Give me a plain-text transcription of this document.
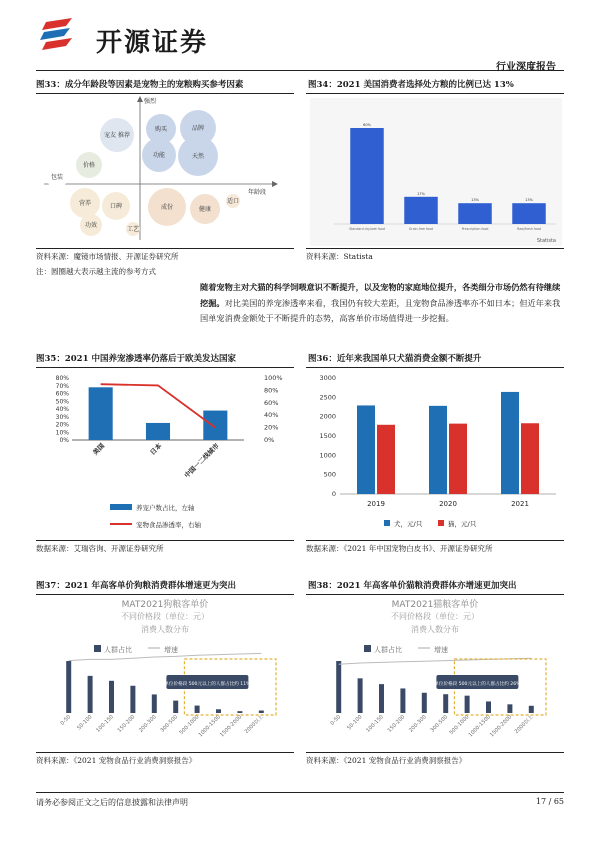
开源证券
行业深度报告
图33：成分年龄段等因素是宠物主的宠粮购买参考因素
强烈
年龄段
购买	品牌
天然
宠友 推荐
功能
价格
成份	健康
适口
营养	口碑
功效
工艺
包装
资料来源：魔镜市场情报、开源证券研究所
注：圆圈越大表示越主流的参考方式
图34：2021 美国消费者选择处方粮的比例已达 13%
60%
Standard dry/wet food
17%
Grain-free food
13%
Prescription food
13%
Raw/fresh food
Statista
资料来源：Statista
随着宠物主对犬猫的科学饲喂意识不断提升，以及宠物的家庭地位提升，各类细分市场仍然有待继续挖掘。对比美国的养宠渗透率来看，我国仍有较大差距，且宠物食品渗透率亦不如日本；但近年来我国单宠消费金额处于不断提升的态势，高客单价市场值得进一步挖掘。
图35：2021 中国养宠渗透率仍落后于欧美发达国家
0%
10%
20%
30%
40%
50%
60%
70%
80%
0%
20%
40%
60%
80%
100%
美国	日本	中国一二线城市
养宠户数占比，左轴
宠物食品渗透率，右轴
数据来源：艾瑞咨询、开源证券研究所
图36：近年来我国单只犬猫消费金额不断提升
0
500
1000
1500
2000
2500
3000
2019	2020	2021
犬，元/只	猫，元/只
数据来源：《2021 年中国宠物白皮书》、开源证券研究所
图37：2021 年高客单价狗粮消费群体增速更为突出
MAT2021狗粮客单价
不同价格段（单位：元）
消费人数分布
人群占比	增速
0-50 50-100 100-150 150-200 200-300 300-500 500-1000
1000-1500
1500-2000 2000以上
单位价格段 500元以上的人群占比约 11%
资料来源：《2021 宠物食品行业消费洞察报告》
图38：2021 年高客单价猫粮消费群体亦增速更加突出
MAT2021猫粮客单价
不同价格段（单位：元）
消费人数分布
人群占比	增速
0-50 50-100 100-150 150-200 200-300 300-500 500-1000
1000-1500
1500-2000 2000以上
单位价格段 500元以上的人群占比约 26%
资料来源：《2021 宠物食品行业消费洞察报告》
请务必参阅正文之后的信息披露和法律声明	17 / 65
